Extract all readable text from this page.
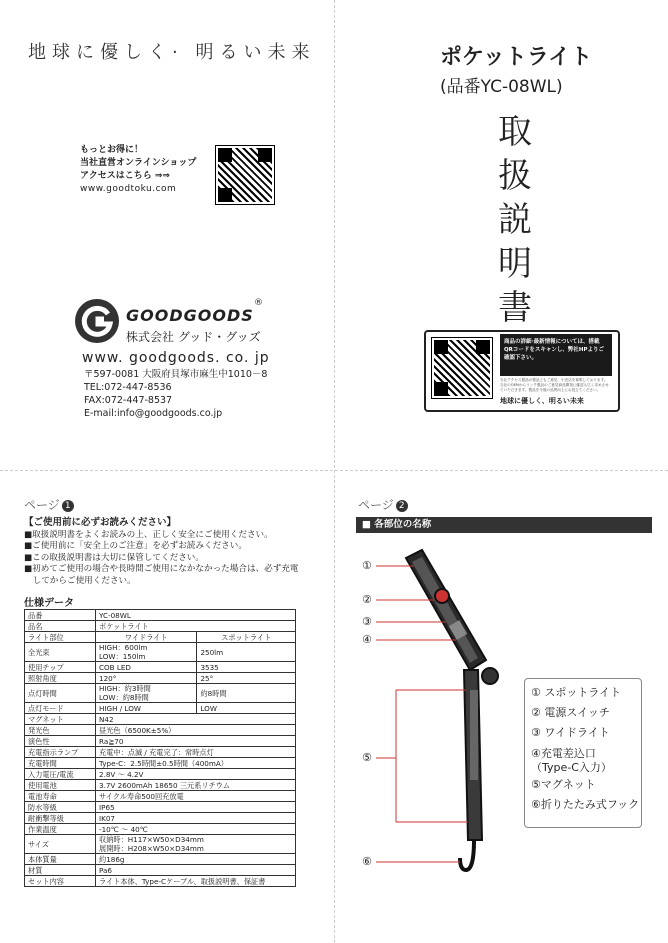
地球に優しく· 明るい未来
もっとお得に！
当社直営オンラインショップ
アクセスはこちら ⇒⇒
www.goodtoku.com
GOODGOODS
®
株式会社 グッド・グッズ
www. goodgoods. co. jp
〒597-0081 大阪府貝塚市麻生中1010－8
TEL:072-447-8536
FAX:072-447-8537
E-mail:info@goodgoods.co.jp
ポケットライト
(品番YC-08WL)
取
扱
説
明
書
商品の詳細·最新情報については、搭載QRコードをスキャンし、弊社HPよりご確認下さい。
当社アクセス製品の製品上もご意見、小売店を募集しております。当社のOEMからリンク製品のご意見商品開発に確認も広く求めさせていただきます。製品を今後の品質向上にお役立てください。
地球に優しく、明るい未来
ページ 1
【ご使用前に必ずお読みください】
■取扱説明書をよくお読みの上、正しく安全にご使用ください。
■ご使用前に「安全上のご注意」を必ずお読みください。
■この取扱説明書は大切に保管してください。
■初めてご使用の場合や長時間ご使用になかなかった場合は、必ず充電
　してからご使用ください。
仕様データ
品番	YC-08WL	
品名	ポケットライト	
ライト部位	ワイドライト	スポットライト
全光束	HIGH：600lm
LOW：150lm	250lm
使用チップ	COB LED	3535
照射角度	120°	25°
点灯時間	HIGH：約3時間
LOW：約8時間	約8時間
点灯モード	HIGH / LOW	LOW
マグネット	N42	
発光色	昼光色（6500K±5%）	
演色性	Ra≧70	
充電指示ランプ	充電中：点滅 / 充電完了：常時点灯	
充電時間	Type-C：2.5時間±0.5時間（400mA）	
入力電圧/電流	2.8V ～ 4.2V	
使用電池	3.7V 2600mAh 18650 三元系リチウム	
電池寿命	サイクル寿命500回充放電	
防水等級	IP65	
耐衝撃等級	IK07	
作業温度	-10℃ ～ 40℃	
サイズ	収納時：H117×W50×D34mm
展開時：H208×W50×D34mm	

本体質量	約186g	
材質	Pa6	
セット内容	ライト本体、Type-Cケーブル、取扱説明書、保証書	
ページ 2
■ 各部位の名称
①
②
③
④
⑤
⑥
① スポットライト
② 電源スイッチ
③ ワイドライト
④充電差込口
（Type-C入力）
⑤マグネット
⑥折りたたみ式フック
